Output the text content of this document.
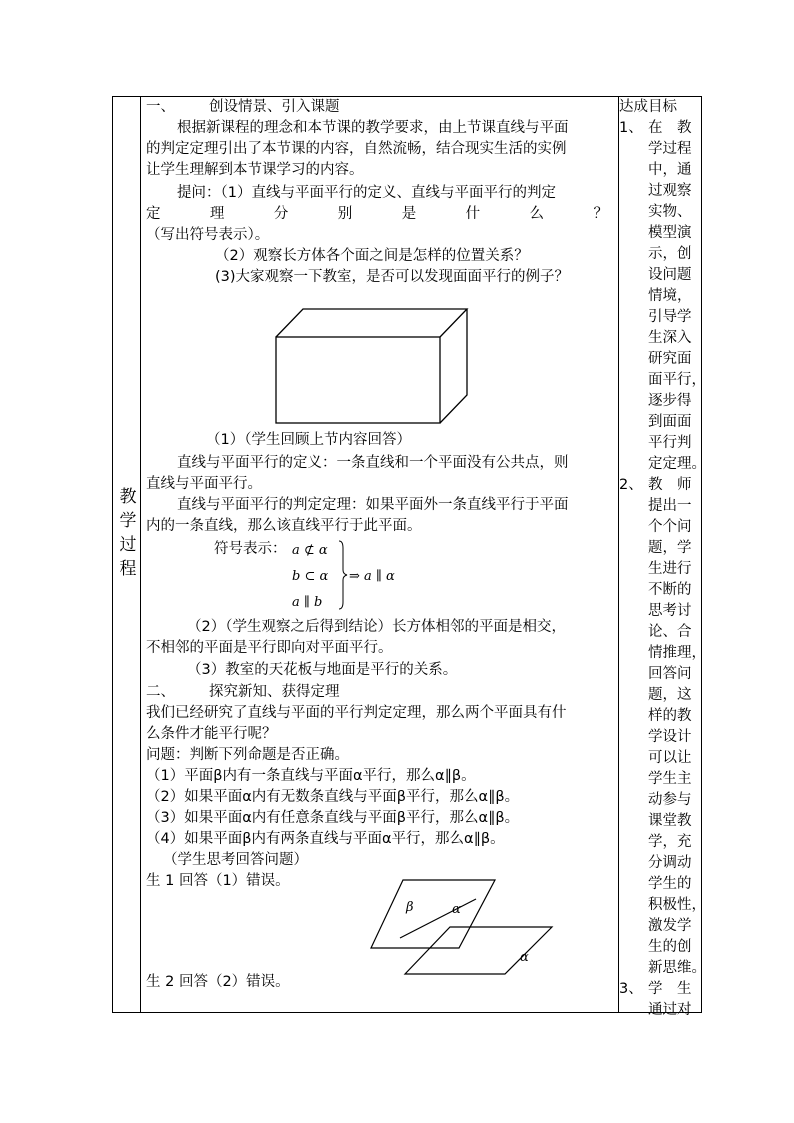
教
学
过
程
达成目标
1、 在　教
学过程
中，通
过观察
实物、
模型演
示，创
设问题
情境，
引导学
生深入
研究面
面平行，
逐步得
到面面
平行判
定定理。
2、 教　师
提出一
个个问
题，学
生进行
不断的
思考讨
论、合
情推理，
回答问
题，这
样的教
学设计
可以让
学生主
动参与
课堂教
学，充
分调动
学生的
积极性，
激发学
生的创
新思维。
3、 学　生
通过对
一、 创设情景、引入课题
根据新课程的理念和本节课的教学要求，由上节课直线与平面
的判定定理引出了本节课的内容，自然流畅，结合现实生活的实例
让学生理解到本节课学习的内容。
提问：（1）直线与平面平行的定义、直线与平面平行的判定
定	理	分	别	是	什	么	？
（写出符号表示）。
（2）观察长方体各个面之间是怎样的位置关系？
(3)大家观察一下教室，是否可以发现面面平行的例子？
（1）（学生回顾上节内容回答）
直线与平面平行的定义：一条直线和一个平面没有公共点，则
直线与平面平行。
直线与平面平行的判定定理：如果平面外一条直线平行于平面
内的一条直线，那么该直线平行于此平面。
符号表示： a ⊄ α
b ⊂ α
a ∥ b
⇒ a ∥ α
（2）（学生观察之后得到结论）长方体相邻的平面是相交，
不相邻的平面是平行即向对平面平行。
（3）教室的天花板与地面是平行的关系。
二、 探究新知、获得定理
我们已经研究了直线与平面的平行判定定理，那么两个平面具有什
么条件才能平行呢？
问题：判断下列命题是否正确。
（1）平面β内有一条直线与平面α平行，那么α∥β。
（2）如果平面α内有无数条直线与平面β平行，那么α∥β。
（3）如果平面α内有任意条直线与平面β平行，那么α∥β。
（4）如果平面β内有两条直线与平面α平行，那么α∥β。
（学生思考回答问题）
生 1 回答（1）错误。
β	α
α
生 2 回答（2）错误。
